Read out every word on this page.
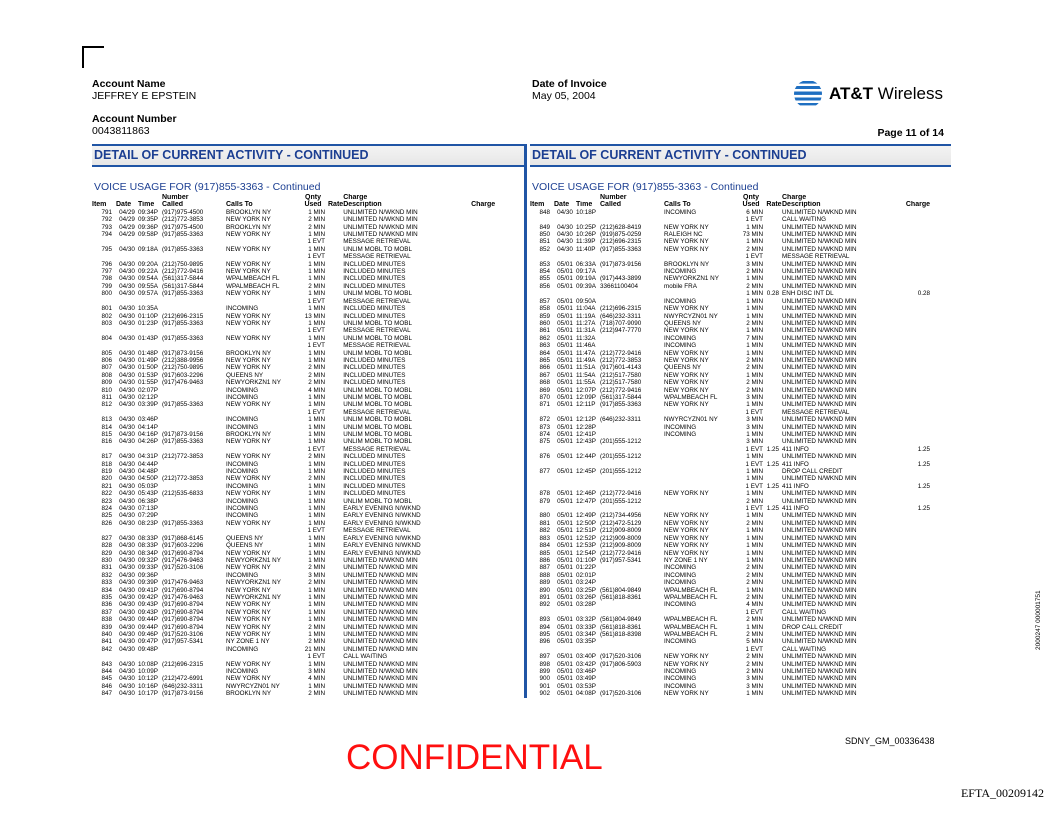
Account Name
JEFFREY E EPSTEIN
Account Number
0043811863
Date of Invoice
May 05, 2004	AT&T Wireless
Page 11 of 14
DETAIL OF CURRENT ACTIVITY - CONTINUED
VOICE USAGE FOR (917)855-3363 - Continued
			Number		Qnty		Charge	
Item	Date	Time	Called	Calls To	Used	Rate	Description	Charge
791	04/29	09:34P	(917)975-4500	BROOKLYN NY	1 MIN		UNLIMITED N/WKND MIN	
792	04/29	09:35P	(212)772-3853	NEW YORK NY	2 MIN		UNLIMITED N/WKND MIN	
793	04/29	09:36P	(917)975-4500	BROOKLYN NY	2 MIN		UNLIMITED N/WKND MIN	
794	04/29	09:58P	(917)855-3363	NEW YORK NY	1 MIN		UNLIMITED N/WKND MIN	
					1 EVT		MESSAGE RETRIEVAL	
795	04/30	09:18A	(917)855-3363	NEW YORK NY	1 MIN		UNLIM MOBL TO MOBL	
					1 EVT		MESSAGE RETRIEVAL	
796	04/30	09:20A	(212)750-9895	NEW YORK NY	1 MIN		INCLUDED MINUTES	
797	04/30	09:22A	(212)772-9416	NEW YORK NY	1 MIN		INCLUDED MINUTES	
798	04/30	09:54A	(561)317-5844	WPALMBEACH FL	1 MIN		INCLUDED MINUTES	
799	04/30	09:55A	(561)317-5844	WPALMBEACH FL	2 MIN		INCLUDED MINUTES	
800	04/30	09:57A	(917)855-3363	NEW YORK NY	1 MIN		UNLIM MOBL TO MOBL	
					1 EVT		MESSAGE RETRIEVAL	
801	04/30	10:35A		INCOMING	1 MIN		INCLUDED MINUTES	
802	04/30	01:10P	(212)696-2315	NEW YORK NY	13 MIN		INCLUDED MINUTES	
803	04/30	01:23P	(917)855-3363	NEW YORK NY	1 MIN		UNLIM MOBL TO MOBL	
					1 EVT		MESSAGE RETRIEVAL	
804	04/30	01:43P	(917)855-3363	NEW YORK NY	1 MIN		UNLIM MOBL TO MOBL	
					1 EVT		MESSAGE RETRIEVAL	
805	04/30	01:48P	(917)873-9156	BROOKLYN NY	1 MIN		UNLIM MOBL TO MOBL	
806	04/30	01:49P	(212)388-9956	NEW YORK NY	1 MIN		INCLUDED MINUTES	
807	04/30	01:50P	(212)750-9895	NEW YORK NY	2 MIN		INCLUDED MINUTES	
808	04/30	01:53P	(917)603-2296	QUEENS NY	2 MIN		INCLUDED MINUTES	
809	04/30	01:55P	(917)476-9463	NEWYORKZN1 NY	2 MIN		INCLUDED MINUTES	
810	04/30	02:07P		INCOMING	4 MIN		UNLIM MOBL TO MOBL	
811	04/30	02:12P		INCOMING	1 MIN		UNLIM MOBL TO MOBL	
812	04/30	03:39P	(917)855-3363	NEW YORK NY	1 MIN		UNLIM MOBL TO MOBL	
					1 EVT		MESSAGE RETRIEVAL	
813	04/30	03:46P		INCOMING	1 MIN		UNLIM MOBL TO MOBL	
814	04/30	04:14P		INCOMING	1 MIN		UNLIM MOBL TO MOBL	
815	04/30	04:16P	(917)873-9156	BROOKLYN NY	1 MIN		UNLIM MOBL TO MOBL	
816	04/30	04:26P	(917)855-3363	NEW YORK NY	1 MIN		UNLIM MOBL TO MOBL	
					1 EVT		MESSAGE RETRIEVAL	
817	04/30	04:31P	(212)772-3853	NEW YORK NY	2 MIN		INCLUDED MINUTES	
818	04/30	04:44P		INCOMING	1 MIN		INCLUDED MINUTES	
819	04/30	04:48P		INCOMING	1 MIN		INCLUDED MINUTES	
820	04/30	04:50P	(212)772-3853	NEW YORK NY	2 MIN		INCLUDED MINUTES	
821	04/30	05:03P		INCOMING	1 MIN		INCLUDED MINUTES	
822	04/30	05:43P	(212)535-6833	NEW YORK NY	1 MIN		INCLUDED MINUTES	
823	04/30	06:38P		INCOMING	1 MIN		UNLIM MOBL TO MOBL	
824	04/30	07:13P		INCOMING	1 MIN		EARLY EVENING N/WKND	
825	04/30	07:29P		INCOMING	1 MIN		EARLY EVENING N/WKND	
826	04/30	08:23P	(917)855-3363	NEW YORK NY	1 MIN		EARLY EVENING N/WKND	
					1 EVT		MESSAGE RETRIEVAL	
827	04/30	08:33P	(917)868-6145	QUEENS NY	1 MIN		EARLY EVENING N/WKND	
828	04/30	08:33P	(917)603-2296	QUEENS NY	1 MIN		EARLY EVENING N/WKND	
829	04/30	08:34P	(917)690-8794	NEW YORK NY	1 MIN		EARLY EVENING N/WKND	
830	04/30	09:32P	(917)476-9463	NEWYORKZN1 NY	1 MIN		UNLIMITED N/WKND MIN	
831	04/30	09:33P	(917)520-3106	NEW YORK NY	2 MIN		UNLIMITED N/WKND MIN	
832	04/30	09:36P		INCOMING	3 MIN		UNLIMITED N/WKND MIN	
833	04/30	09:39P	(917)476-9463	NEWYORKZN1 NY	2 MIN		UNLIMITED N/WKND MIN	
834	04/30	09:41P	(917)690-8794	NEW YORK NY	1 MIN		UNLIMITED N/WKND MIN	
835	04/30	09:42P	(917)476-9463	NEWYORKZN1 NY	1 MIN		UNLIMITED N/WKND MIN	
836	04/30	09:43P	(917)690-8794	NEW YORK NY	1 MIN		UNLIMITED N/WKND MIN	
837	04/30	09:43P	(917)690-8794	NEW YORK NY	1 MIN		UNLIMITED N/WKND MIN	
838	04/30	09:44P	(917)690-8794	NEW YORK NY	1 MIN		UNLIMITED N/WKND MIN	
839	04/30	09:44P	(917)690-8794	NEW YORK NY	2 MIN		UNLIMITED N/WKND MIN	
840	04/30	09:46P	(917)520-3106	NEW YORK NY	1 MIN		UNLIMITED N/WKND MIN	
841	04/30	09:47P	(917)957-5341	NY ZONE 1 NY	2 MIN		UNLIMITED N/WKND MIN	
842	04/30	09:48P		INCOMING	21 MIN		UNLIMITED N/WKND MIN	
					1 EVT		CALL WAITING	
843	04/30	10:08P	(212)696-2315	NEW YORK NY	1 MIN		UNLIMITED N/WKND MIN	
844	04/30	10:09P		INCOMING	3 MIN		UNLIMITED N/WKND MIN	
845	04/30	10:12P	(212)472-6991	NEW YORK NY	4 MIN		UNLIMITED N/WKND MIN	
846	04/30	10:16P	(646)232-3311	NWYRCYZN01 NY	1 MIN		UNLIMITED N/WKND MIN	
847	04/30	10:17P	(917)873-9156	BROOKLYN NY	2 MIN		UNLIMITED N/WKND MIN	
DETAIL OF CURRENT ACTIVITY - CONTINUED
VOICE USAGE FOR (917)855-3363 - Continued
			Number		Qnty		Charge	
Item	Date	Time	Called	Calls To	Used	Rate	Description	Charge
848	04/30	10:18P		INCOMING	6 MIN		UNLIMITED N/WKND MIN	
					1 EVT		CALL WAITING	
849	04/30	10:25P	(212)628-8419	NEW YORK NY	1 MIN		UNLIMITED N/WKND MIN	
850	04/30	10:26P	(919)875-0259	RALEIGH NC	73 MIN		UNLIMITED N/WKND MIN	
851	04/30	11:39P	(212)696-2315	NEW YORK NY	1 MIN		UNLIMITED N/WKND MIN	
852	04/30	11:40P	(917)855-3363	NEW YORK NY	2 MIN		UNLIMITED N/WKND MIN	
					1 EVT		MESSAGE RETRIEVAL	
853	05/01	06:33A	(917)873-9156	BROOKLYN NY	3 MIN		UNLIMITED N/WKND MIN	
854	05/01	09:17A		INCOMING	2 MIN		UNLIMITED N/WKND MIN	
855	05/01	09:19A	(917)443-3899	NEWYORKZN1 NY	1 MIN		UNLIMITED N/WKND MIN	
856	05/01	09:39A	33661100404	mobile FRA	2 MIN		UNLIMITED N/WKND MIN	
					1 MIN	0.28	ENH DISC INT DL	0.28
857	05/01	09:50A		INCOMING	1 MIN		UNLIMITED N/WKND MIN	
858	05/01	11:04A	(212)696-2315	NEW YORK NY	1 MIN		UNLIMITED N/WKND MIN	
859	05/01	11:19A	(646)232-3311	NWYRCYZN01 NY	1 MIN		UNLIMITED N/WKND MIN	
860	05/01	11:27A	(718)707-9090	QUEENS NY	2 MIN		UNLIMITED N/WKND MIN	
861	05/01	11:31A	(212)947-7770	NEW YORK NY	1 MIN		UNLIMITED N/WKND MIN	
862	05/01	11:32A		INCOMING	7 MIN		UNLIMITED N/WKND MIN	
863	05/01	11:46A		INCOMING	1 MIN		UNLIMITED N/WKND MIN	
864	05/01	11:47A	(212)772-9416	NEW YORK NY	1 MIN		UNLIMITED N/WKND MIN	
865	05/01	11:49A	(212)772-3853	NEW YORK NY	2 MIN		UNLIMITED N/WKND MIN	
866	05/01	11:51A	(917)601-4143	QUEENS NY	2 MIN		UNLIMITED N/WKND MIN	
867	05/01	11:54A	(212)517-7580	NEW YORK NY	1 MIN		UNLIMITED N/WKND MIN	
868	05/01	11:55A	(212)517-7580	NEW YORK NY	2 MIN		UNLIMITED N/WKND MIN	
869	05/01	12:07P	(212)772-9416	NEW YORK NY	2 MIN		UNLIMITED N/WKND MIN	
870	05/01	12:09P	(561)317-5844	WPALMBEACH FL	3 MIN		UNLIMITED N/WKND MIN	
871	05/01	12:11P	(917)855-3363	NEW YORK NY	1 MIN		UNLIMITED N/WKND MIN	
					1 EVT		MESSAGE RETRIEVAL	
872	05/01	12:12P	(646)232-3311	NWYRCYZN01 NY	3 MIN		UNLIMITED N/WKND MIN	
873	05/01	12:28P		INCOMING	3 MIN		UNLIMITED N/WKND MIN	
874	05/01	12:41P		INCOMING	1 MIN		UNLIMITED N/WKND MIN	
875	05/01	12:43P	(201)555-1212		3 MIN		UNLIMITED N/WKND MIN	
					1 EVT	1.25	411 INFO	1.25
876	05/01	12:44P	(201)555-1212		1 MIN		UNLIMITED N/WKND MIN	
					1 EVT	1.25	411 INFO	1.25
877	05/01	12:45P	(201)555-1212		1 MIN		DROP CALL CREDIT	
					1 MIN		UNLIMITED N/WKND MIN	
					1 EVT	1.25	411 INFO	1.25
878	05/01	12:46P	(212)772-9416	NEW YORK NY	1 MIN		UNLIMITED N/WKND MIN	
879	05/01	12:47P	(201)555-1212		2 MIN		UNLIMITED N/WKND MIN	
					1 EVT	1.25	411 INFO	1.25
880	05/01	12:49P	(212)734-4956	NEW YORK NY	1 MIN		UNLIMITED N/WKND MIN	
881	05/01	12:50P	(212)472-5129	NEW YORK NY	2 MIN		UNLIMITED N/WKND MIN	
882	05/01	12:51P	(212)909-8009	NEW YORK NY	1 MIN		UNLIMITED N/WKND MIN	
883	05/01	12:52P	(212)909-8009	NEW YORK NY	1 MIN		UNLIMITED N/WKND MIN	
884	05/01	12:53P	(212)909-8009	NEW YORK NY	1 MIN		UNLIMITED N/WKND MIN	
885	05/01	12:54P	(212)772-9416	NEW YORK NY	1 MIN		UNLIMITED N/WKND MIN	
886	05/01	01:10P	(917)957-5341	NY ZONE 1 NY	1 MIN		UNLIMITED N/WKND MIN	
887	05/01	01:22P		INCOMING	2 MIN		UNLIMITED N/WKND MIN	
888	05/01	02:01P		INCOMING	2 MIN		UNLIMITED N/WKND MIN	
889	05/01	03:24P		INCOMING	2 MIN		UNLIMITED N/WKND MIN	
890	05/01	03:25P	(561)804-9849	WPALMBEACH FL	1 MIN		UNLIMITED N/WKND MIN	
891	05/01	03:26P	(561)818-8361	WPALMBEACH FL	2 MIN		UNLIMITED N/WKND MIN	
892	05/01	03:28P		INCOMING	4 MIN		UNLIMITED N/WKND MIN	
					1 EVT		CALL WAITING	
893	05/01	03:32P	(561)804-9849	WPALMBEACH FL	2 MIN		UNLIMITED N/WKND MIN	
894	05/01	03:33P	(561)818-8361	WPALMBEACH FL	1 MIN		DROP CALL CREDIT	
895	05/01	03:34P	(561)818-8398	WPALMBEACH FL	2 MIN		UNLIMITED N/WKND MIN	
896	05/01	03:35P		INCOMING	5 MIN		UNLIMITED N/WKND MIN	
					1 EVT		CALL WAITING	
897	05/01	03:40P	(917)520-3106	NEW YORK NY	2 MIN		UNLIMITED N/WKND MIN	
898	05/01	03:42P	(917)806-5903	NEW YORK NY	2 MIN		UNLIMITED N/WKND MIN	
899	05/01	03:46P		INCOMING	2 MIN		UNLIMITED N/WKND MIN	
900	05/01	03:49P		INCOMING	3 MIN		UNLIMITED N/WKND MIN	
901	05/01	03:53P		INCOMING	3 MIN		UNLIMITED N/WKND MIN	
902	05/01	04:08P	(917)520-3106	NEW YORK NY	1 MIN		UNLIMITED N/WKND MIN	
CONFIDENTIAL	SDNY_GM_00336438
EFTA_00209142
2000247 000001751
